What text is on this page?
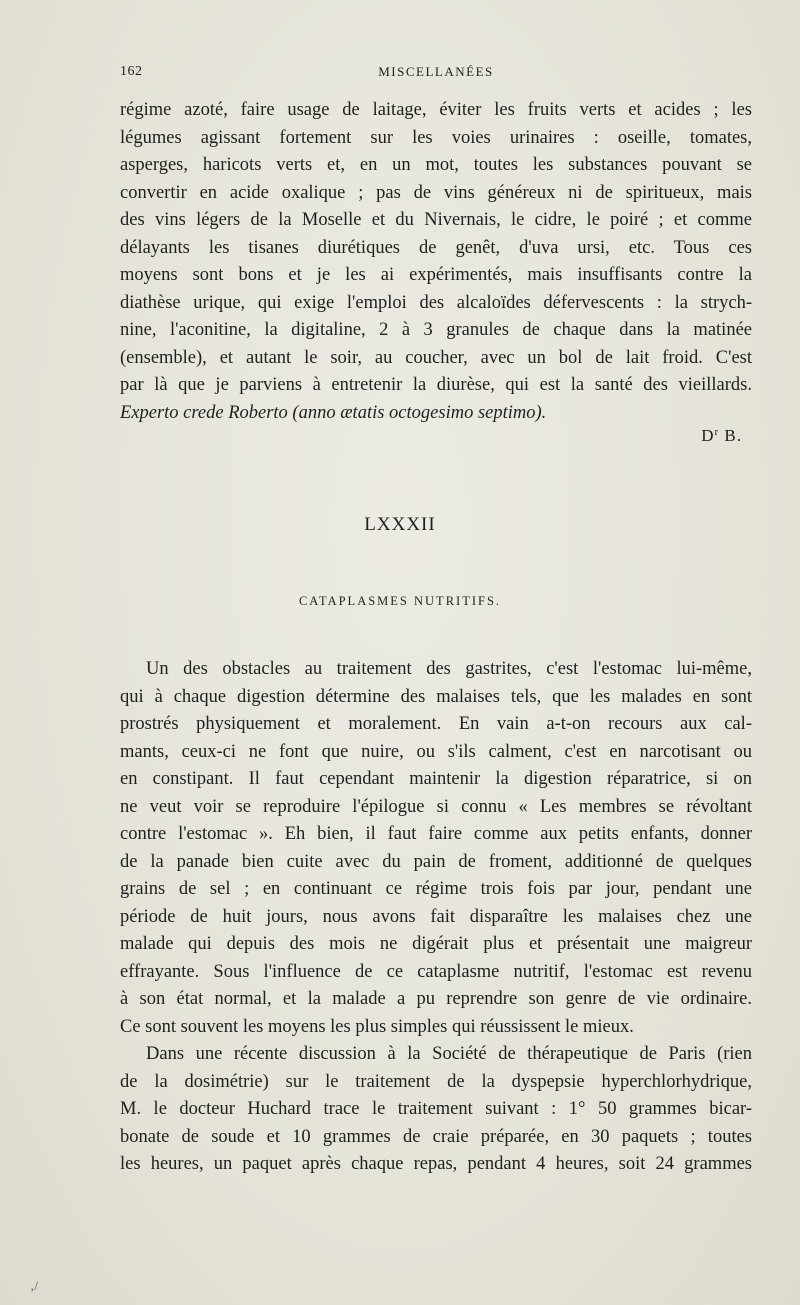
162	MISCELLANÉES
régime azoté, faire usage de laitage, éviter les fruits verts et acides ; les
légumes agissant fortement sur les voies urinaires : oseille, tomates,
asperges, haricots verts et, en un mot, toutes les substances pouvant se
convertir en acide oxalique ; pas de vins généreux ni de spiritueux, mais
des vins légers de la Moselle et du Nivernais, le cidre, le poiré ; et comme
délayants les tisanes diurétiques de genêt, d'uva ursi, etc. Tous ces
moyens sont bons et je les ai expérimentés, mais insuffisants contre la
diathèse urique, qui exige l'emploi des alcaloïdes défervescents : la strych-
nine, l'aconitine, la digitaline, 2 à 3 granules de chaque dans la matinée
(ensemble), et autant le soir, au coucher, avec un bol de lait froid. C'est
par là que je parviens à entretenir la diurèse, qui est la santé des vieillards.
Experto crede Roberto (anno ætatis octogesimo septimo).
$D^r$ B.
LXXXII
CATAPLASMES NUTRITIFS.
Un des obstacles au traitement des gastrites, c'est l'estomac lui-même,
qui à chaque digestion détermine des malaises tels, que les malades en sont
prostrés physiquement et moralement. En vain a-t-on recours aux cal-
mants, ceux-ci ne font que nuire, ou s'ils calment, c'est en narcotisant ou
en constipant. Il faut cependant maintenir la digestion réparatrice, si on
ne veut voir se reproduire l'épilogue si connu « Les membres se révoltant
contre l'estomac ». Eh bien, il faut faire comme aux petits enfants, donner
de la panade bien cuite avec du pain de froment, additionné de quelques
grains de sel ; en continuant ce régime trois fois par jour, pendant une
période de huit jours, nous avons fait disparaître les malaises chez une
malade qui depuis des mois ne digérait plus et présentait une maigreur
effrayante. Sous l'influence de ce cataplasme nutritif, l'estomac est revenu
à son état normal, et la malade a pu reprendre son genre de vie ordinaire.
Ce sont souvent les moyens les plus simples qui réussissent le mieux.
Dans une récente discussion à la Société de thérapeutique de Paris (rien
de la dosimétrie) sur le traitement de la dyspepsie hyperchlorhydrique,
M. le docteur Huchard trace le traitement suivant : 1° 50 grammes bicar-
bonate de soude et 10 grammes de craie préparée, en 30 paquets ; toutes
les heures, un paquet après chaque repas, pendant 4 heures, soit 24 grammes
‚/
